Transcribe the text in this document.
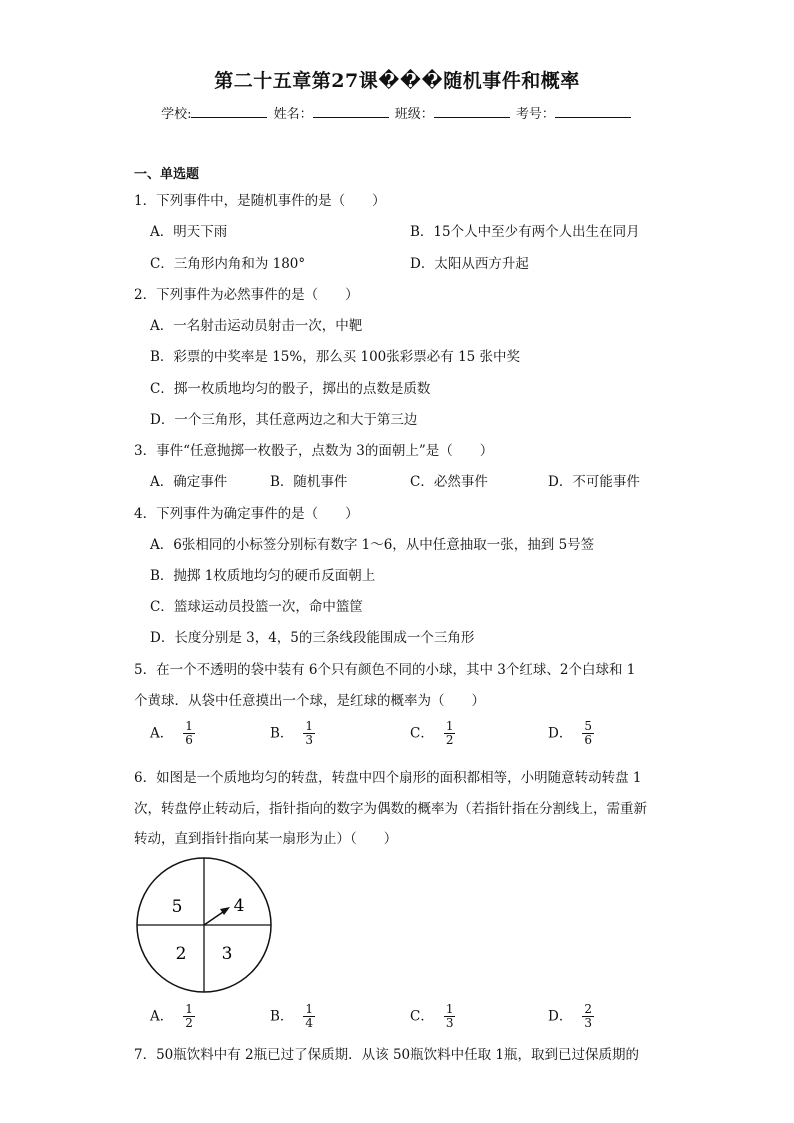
第二十五章第27课���随机事件和概率
学校:	姓名：	班级：	考号：
一、单选题
1．下列事件中，是随机事件的是（　　）
A．明天下雨	B．15个人中至少有两个人出生在同月
C．三角形内角和为 180°	D．太阳从西方升起
2．下列事件为必然事件的是（　　）
A．一名射击运动员射击一次，中靶
B．彩票的中奖率是 15%，那么买 100张彩票必有 15 张中奖
C．掷一枚质地均匀的骰子，掷出的点数是质数
D．一个三角形，其任意两边之和大于第三边
3．事件“任意抛掷一枚骰子，点数为 3的面朝上”是（　　）
A．确定事件	B．随机事件	C．必然事件	D．不可能事件
4．下列事件为确定事件的是（　　）
A．6张相同的小标签分别标有数字 1～6，从中任意抽取一张，抽到 5号签
B．抛掷 1枚质地均匀的硬币反面朝上
C．篮球运动员投篮一次，命中篮筐
D．长度分别是 3，4，5的三条线段能围成一个三角形
5．在一个不透明的袋中装有 6个只有颜色不同的小球，其中 3个红球、2个白球和 1
个黄球．从袋中任意摸出一个球，是红球的概率为（　　）
A． $\frac{1}{6}$	B． $\frac{1}{3}$	C． $\frac{1}{2}$	D． $\frac{5}{6}$
6．如图是一个质地均匀的转盘，转盘中四个扇形的面积都相等，小明随意转动转盘 1
次，转盘停止转动后，指针指向的数字为偶数的概率为（若指针指在分割线上，需重新
转动，直到指针指向某一扇形为止）（　　）
5	4
2 3
A． $\frac{1}{2}$	B． $\frac{1}{4}$	C． $\frac{1}{3}$	D． $\frac{2}{3}$
7．50瓶饮料中有 2瓶已过了保质期．从该 50瓶饮料中任取 1瓶，取到已过保质期的
